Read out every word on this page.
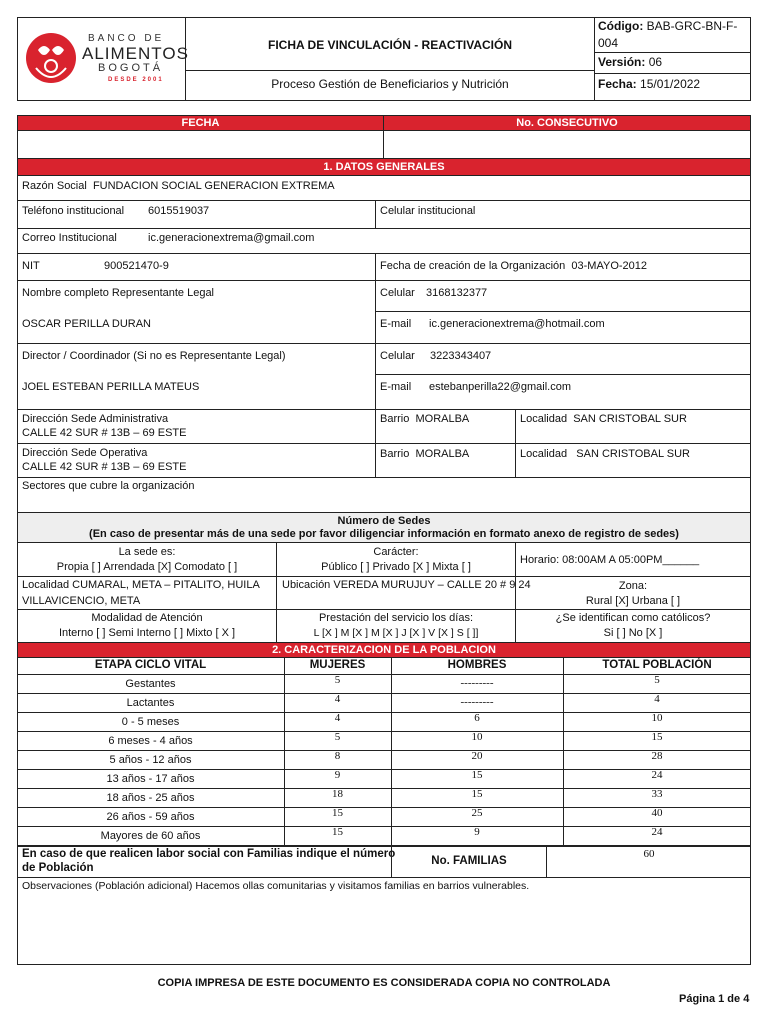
BANCO DE
ALIMENTOS
BOGOTÁ
DESDE 2001
FICHA DE VINCULACIÓN - REACTIVACIÓN
Proceso Gestión de Beneficiarios y Nutrición
Código: BAB-GRC-BN-F-
004
Versión: 06
Fecha: 15/01/2022
FECHA	No. CONSECUTIVO
1. DATOS GENERALES
Razón Social FUNDACION SOCIAL GENERACION EXTREMA
Teléfono institucional 6015519037	Celular institucional
Correo Institucional	ic.generacionextrema@gmail.com
NIT	900521470-9	Fecha de creación de la Organización 03-MAYO-2012
Nombre completo Representante Legal
OSCAR PERILLA DURAN
Celular 3168132377
E-mail ic.generacionextrema@hotmail.com
Director / Coordinador (Si no es Representante Legal)
JOEL ESTEBAN PERILLA MATEUS
Celular 3223343407
E-mail estebanperilla22@gmail.com
Dirección Sede Administrativa
CALLE 42 SUR # 13B – 69 ESTE
Barrio MORALBA	Localidad SAN CRISTOBAL SUR
Dirección Sede Operativa
CALLE 42 SUR # 13B – 69 ESTE
Barrio MORALBA	Localidad SAN CRISTOBAL SUR
Sectores que cubre la organización
Número de Sedes
(En caso de presentar más de una sede por favor diligenciar información en formato anexo de registro de sedes)
La sede es:
Propia [ ] Arrendada [X] Comodato [ ]
Carácter:
Público [ ] Privado [X ] Mixta [ ]
Horario: 08:00AM A 05:00PM______
Localidad CUMARAL, META – PITALITO, HUILA
VILLAVICENCIO, META
Ubicación VEREDA MURUJUY – CALLE 20 # 9 24	Zona:
Rural [X] Urbana [ ]
Modalidad de Atención
Interno [ ] Semi Interno [ ] Mixto [ X ]
Prestación del servicio los días:
L [X ] M [X ] M [X ] J [X ] V [X ] S [ ]]
¿Se identifican como católicos?
Si [ ] No [X ]
2. CARACTERIZACION DE LA POBLACION
ETAPA CICLO VITAL	MUJERES	HOMBRES	TOTAL POBLACIÓN
Gestantes	5	---------	5
Lactantes	4	---------	4
0 - 5 meses	4	6	10
6 meses - 4 años	5	10	15
5 años - 12 años	8	20	28
13 años - 17 años	9	15	24
18 años - 25 años	18	15	33
26 años - 59 años	15	25	40
Mayores de 60 años	15	9	24
En caso de que realicen labor social con Familias indique el número
de Población
No. FAMILIAS
60
Observaciones (Población adicional) Hacemos ollas comunitarias y visitamos familias en barrios vulnerables.
COPIA IMPRESA DE ESTE DOCUMENTO ES CONSIDERADA COPIA NO CONTROLADA
Página 1 de 4
